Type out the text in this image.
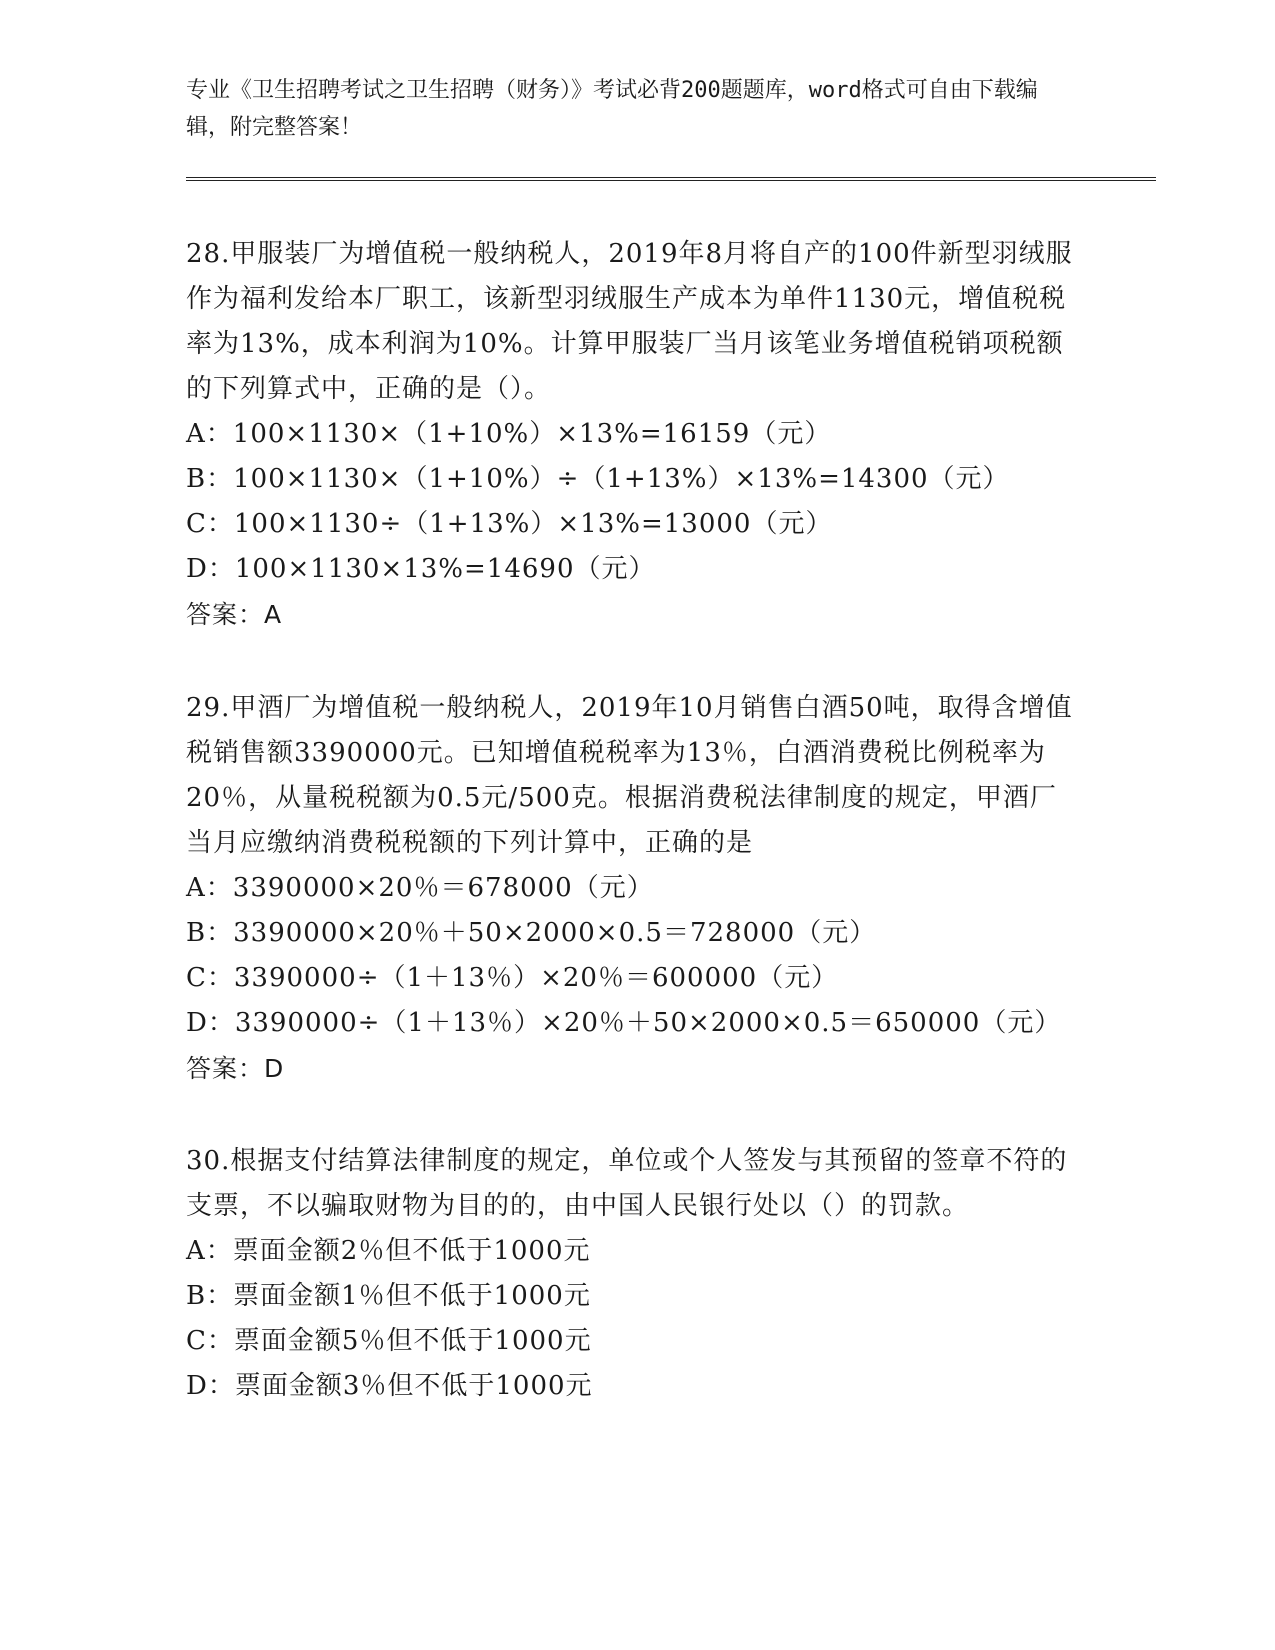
专业《卫生招聘考试之卫生招聘（财务）》考试必背200题题库，word格式可自由下载编辑，附完整答案！

28.甲服装厂为增值税一般纳税人，2019年8月将自产的100件新型羽绒服作为福利发给本厂职工，该新型羽绒服生产成本为单件1130元，增值税税率为13%，成本利润为10%。计算甲服装厂当月该笔业务增值税销项税额的下列算式中，正确的是（）。

A：100×1130×（1+10%）×13%=16159（元）

B：100×1130×（1+10%）÷（1+13%）×13%=14300（元）

C：100×1130÷（1+13%）×13%=13000（元）

D：100×1130×13%=14690（元）

答案：A

29.甲酒厂为增值税一般纳税人，2019年10月销售白酒50吨，取得含增值税销售额3390000元。已知增值税税率为13％，白酒消费税比例税率为20％，从量税税额为0.5元/500克。根据消费税法律制度的规定，甲酒厂当月应缴纳消费税税额的下列计算中，正确的是

A：3390000×20％＝678000（元）

B：3390000×20％＋50×2000×0.5＝728000（元）

C：3390000÷（1＋13％）×20％＝600000（元）

D：3390000÷（1＋13％）×20％＋50×2000×0.5＝650000（元）

答案：D

30.根据支付结算法律制度的规定，单位或个人签发与其预留的签章不符的支票，不以骗取财物为目的的，由中国人民银行处以（）的罚款。

A：票面金额2％但不低于1000元

B：票面金额1％但不低于1000元

C：票面金额5％但不低于1000元

D：票面金额3％但不低于1000元
